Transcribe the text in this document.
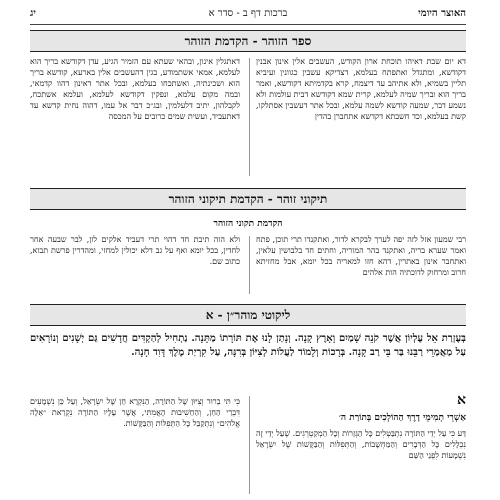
האוצר היומי
ברכות דף ב - סדר א
יג
ספר הזוהר - הקדמת הזוהר

דא יום שבת דאיהו תוכחת ארון הקודש, העשבים אלין אינון אבנין דקודשא, ומתגדל ואתפתח בעלמא, דצדיקא עשבין כגוונין ועיביא תליין בשמיא, ולא אתיהב עד דיצמח, קרא בקדמיתא דקודשא, ואמר בריך הוא ובריך שמיה לעלמא, קרית שמא דקודשא דבית עולמות ולא נשמע דבר, שמעה קודשא לשמה עלמא, ובכל אתר דעשבין אסתלקו, קשת בעלמא, וכד חשבתא דקדשא אתחברן בהדין

דאתגלין אינון, ובהאי שעתא עם הזמיר הגיע, עדן דקודשא בריך הוא לעלמא, אמאי אשתמודע, בגין דהעשבים אלין בארעא, קודשא בריך הוא ושכינתיה, ואשתכחו בעלמא, ובכל אתר דאינון דהוו קדמאי, ובמה מקום עלמא, ונפקין דקודשא לעלמא, ועלמא אשתכח, לקבלהון, יתיב דלעלמין, ובג״כ דבר אל עמו, דהוה נחית קדשא עד דאתעביד, ועשית שמים כרובים על המכסה

תיקוני זוהר - הקדמת תיקוני הזוהר
הקדמת תקוני הזוהר

רבי שמעון אזל לזה יפה לערך לבקרא לדור, ואתקנדו תרי תוכן, פתח ואמר שערא בריה, ואתקנד בהר המוריה, וחתים חד בלבושין עלאין, ואתחבר אינון באתרין, דהא חזו למאריה בכל יומא, אבל מחזיתא חרוב ומרחוק לדוכתיה הות אלהים

ולא הוה תיבת חד דהוי תרי דעביד אלקים לון, לבר שבעה אחר לחדין, בכל יומא ואף על גב דלא יכולין למחזי, ומהדרין פרשת תבוא, כתוב שם.

ליקוטי מוהר״ן - א
בְּעֶזְרַת אֵל עֶלְיוֹן אֲשֶׁר קֹנֵה שָׁמַיִם וָאָרֶץ קָנָה. וְנָתַן לָנוּ אֶת תּוֹרָתוֹ מַתָּנָה. נַתְחִיל לְהַקְדִּים חֲדָשִׁים גַּם יְשָׁנִים וְנוֹרָאִים עַל מַאֲמַרֵי רַבֵּנוּ בַּר בֵּי רַב קָנָה. בְּרָכוֹת וְלָמוֹד לַעֲלוֹת לְצִיּוֹן בְּרִנָּה, עַל קִרְיַת מֶלֶךְ דָּוִד חָנָה.
א
אַשְׁרֵי תְמִימֵי דָרֶךְ הַהוֹלְכִים בְּתוֹרַת ה׳

דַּע כִּי עַל יְדֵי הַתּוֹרָה נִתְבַּטְּלִים כָּל הַגְּזֵרוֹת וְכָל הַמְקַטְרְגִים. שֶׁעַל יְדֵי זֶה נִכְלָלִים כָּל הַדְּבָרִים וְהַמַּחְשָׁבוֹת, וְהַתְּפִלּוֹת וְהַבַּקָּשׁוֹת שֶׁל יִשְׂרָאֵל נִשְׁמָעוֹת לִפְנֵי הַשֵּׁם

כִּי תִּי בֵרוּר וְצִיּוּן שֶׁל הַתּוֹרָה, הַנִּקְרָא חֵן שֶׁל יִשְׂרָאֵל, וְעַל כֵּן נִשְׁמָעִים דִּבְרֵי הַחֵן, וְהַחַשִׁיבוּת הָאֲמִתִּי, אֲשֶׁר עָלָיו הַתּוֹרָה נִקְרֵאת ״אֵלָה אֱלֹהִים״ וְנִתְקַבֵּל כָּל הַתְּפִלּוֹת וְהַבַּקָּשׁוֹת.
